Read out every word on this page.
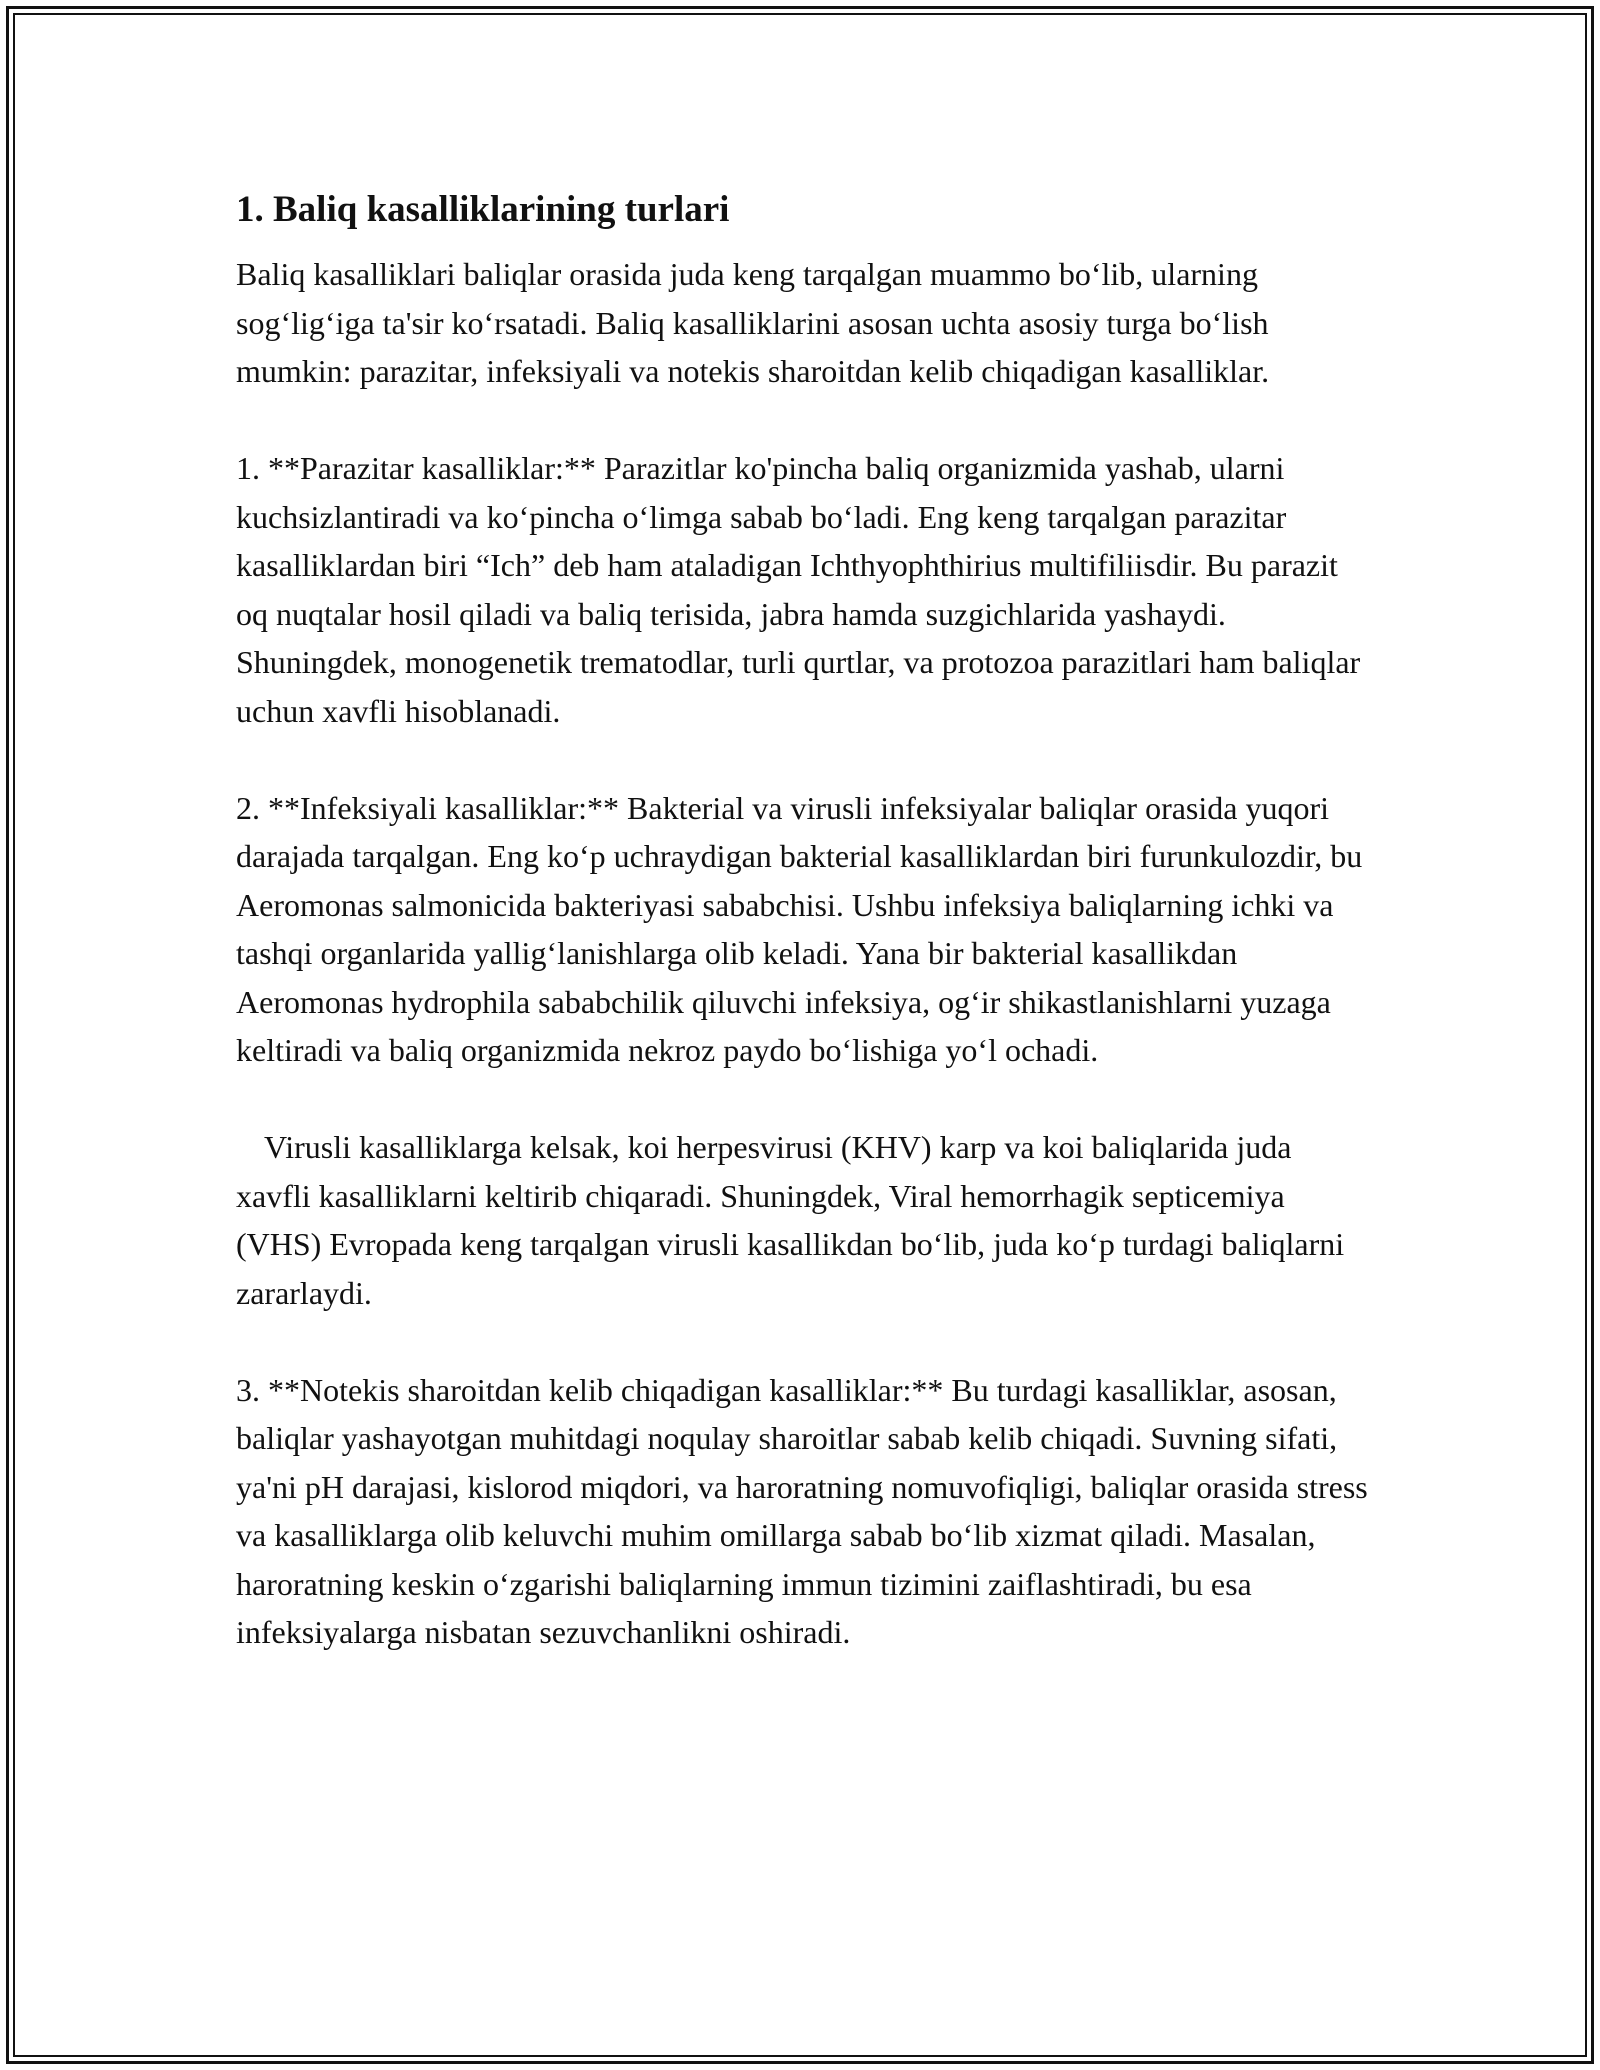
1. Baliq kasalliklarining turlari

Baliq kasalliklari baliqlar orasida juda keng tarqalgan muammo bo‘lib, ularning sog‘lig‘iga ta'sir ko‘rsatadi. Baliq kasalliklarini asosan uchta asosiy turga bo‘lish mumkin: parazitar, infeksiyali va notekis sharoitdan kelib chiqadigan kasalliklar.

1. **Parazitar kasalliklar:** Parazitlar ko'pincha baliq organizmida yashab, ularni kuchsizlantiradi va ko‘pincha o‘limga sabab bo‘ladi. Eng keng tarqalgan parazitar kasalliklardan biri “Ich” deb ham ataladigan Ichthyophthirius multifiliisdir. Bu parazit oq nuqtalar hosil qiladi va baliq terisida, jabra hamda suzgichlarida yashaydi. Shuningdek, monogenetik trematodlar, turli qurtlar, va protozoa parazitlari ham baliqlar uchun xavfli hisoblanadi.

2. **Infeksiyali kasalliklar:** Bakterial va virusli infeksiyalar baliqlar orasida yuqori darajada tarqalgan. Eng ko‘p uchraydigan bakterial kasalliklardan biri furunkulozdir, bu Aeromonas salmonicida bakteriyasi sababchisi. Ushbu infeksiya baliqlarning ichki va tashqi organlarida yallig‘lanishlarga olib keladi. Yana bir bakterial kasallikdan Aeromonas hydrophila sababchilik qiluvchi infeksiya, og‘ir shikastlanishlarni yuzaga keltiradi va baliq organizmida nekroz paydo bo‘lishiga yo‘l ochadi.

Virusli kasalliklarga kelsak, koi herpesvirusi (KHV) karp va koi baliqlarida juda xavfli kasalliklarni keltirib chiqaradi. Shuningdek, Viral hemorrhagik septicemiya (VHS) Evropada keng tarqalgan virusli kasallikdan bo‘lib, juda ko‘p turdagi baliqlarni zararlaydi.

3. **Notekis sharoitdan kelib chiqadigan kasalliklar:** Bu turdagi kasalliklar, asosan, baliqlar yashayotgan muhitdagi noqulay sharoitlar sabab kelib chiqadi. Suvning sifati, ya'ni pH darajasi, kislorod miqdori, va haroratning nomuvofiqligi, baliqlar orasida stress va kasalliklarga olib keluvchi muhim omillarga sabab bo‘lib xizmat qiladi. Masalan, haroratning keskin o‘zgarishi baliqlarning immun tizimini zaiflashtiradi, bu esa infeksiyalarga nisbatan sezuvchanlikni oshiradi.
